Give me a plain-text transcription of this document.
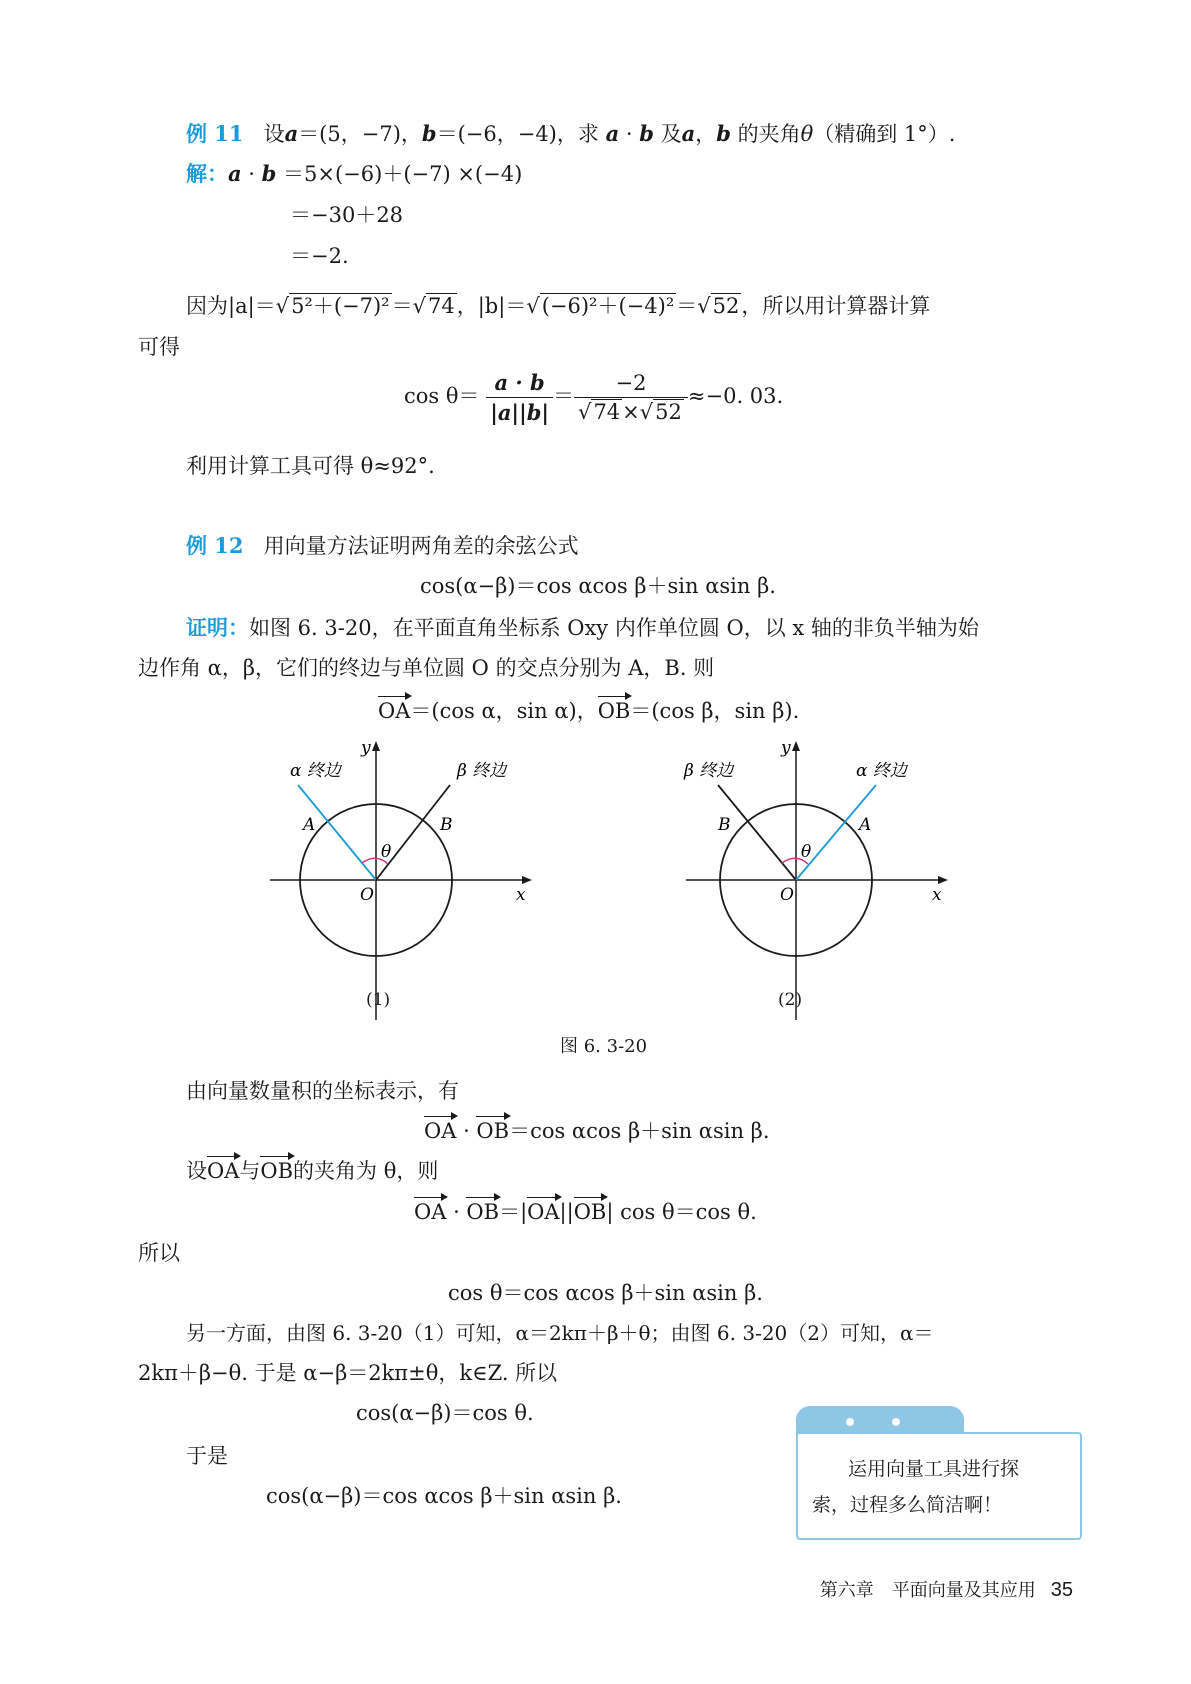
例 11 设a＝(5，−7)，b＝(−6，−4)，求 a · b 及a，b 的夹角θ（精确到 1°）.
解：a · b ＝5×(−6)＋(−7) ×(−4)
＝−30＋28
＝−2.
因为|a|＝√5²＋(−7)²＝√74，|b|＝√(−6)²＋(−4)²＝√52，所以用计算器计算
可得
$\cos \theta= \frac{a \cdot b}{|a||b|} = \frac{-2}{√74\times√52} \approx-0$. 03.
利用计算工具可得 θ≈92°.
例 12 用向量方法证明两角差的余弦公式
cos(α−β)＝cos αcos β＋sin αsin β.
证明：如图 6. 3-20，在平面直角坐标系 Oxy 内作单位圆 O，以 x 轴的非负半轴为始
边作角 α，β，它们的终边与单位圆 O 的交点分别为 A，B. 则
OA＝(cos α，sin α)，OB＝(cos β，sin β).
α 终边	β 终边
A	B
θ
O	x
y
(1)
β 终边	α 终边
B	A
θ
O	x
y
(2)
图 6. 3-20
由向量数量积的坐标表示，有
OA · OB＝cos αcos β＋sin αsin β.
设OA与OB的夹角为 θ，则
OA · OB＝|OA||OB| cos θ＝cos θ.
所以
cos θ＝cos αcos β＋sin αsin β.
另一方面，由图 6. 3-20（1）可知，α＝2kπ＋β＋θ；由图 6. 3-20（2）可知，α＝
2kπ＋β−θ. 于是 α−β＝2kπ±θ，k∈Z. 所以
cos(α−β)＝cos θ.
于是
cos(α−β)＝cos αcos β＋sin αsin β.
运用向量工具进行探
索，过程多么简洁啊！
第六章　平面向量及其应用 35
